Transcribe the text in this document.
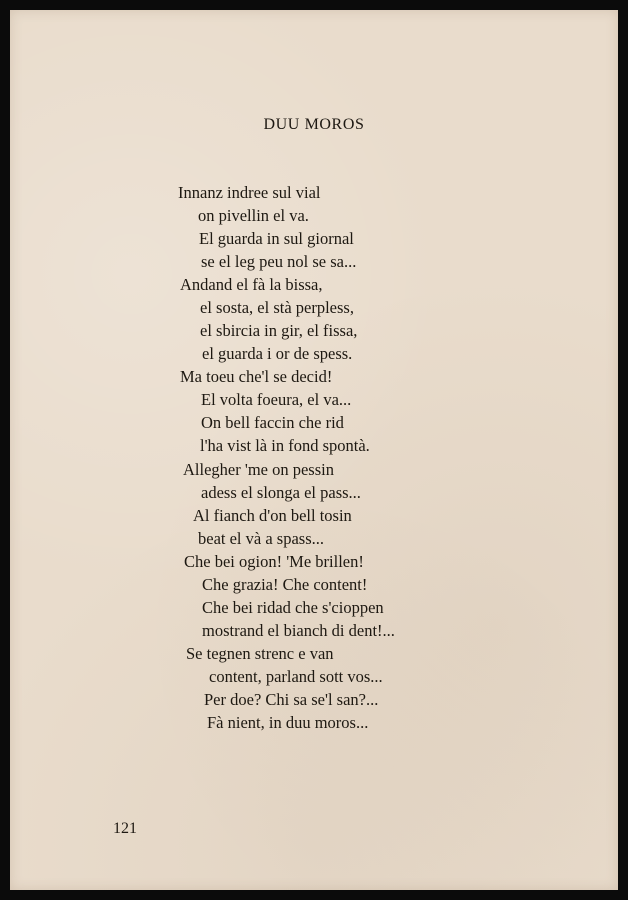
DUU MOROS
Innanz indree sul vial
on pivellin el va.
El guarda in sul giornal
se el leg peu nol se sa...
Andand el fà la bissa,
el sosta, el stà perpless,
el sbircia in gir, el fissa,
el guarda i or de spess.
Ma toeu che'l se decid!
El volta foeura, el va...
On bell faccin che rid
l'ha vist là in fond spontà.
Allegher 'me on pessin
adess el slonga el pass...
Al fianch d'on bell tosin
beat el và a spass...
Che bei ogion! 'Me brillen!
Che grazia! Che content!
Che bei ridad che s'cioppen
mostrand el bianch di dent!...
Se tegnen strenc e van
content, parland sott vos...
Per doe? Chi sa se'l san?...
Fà nient, in duu moros...
121
